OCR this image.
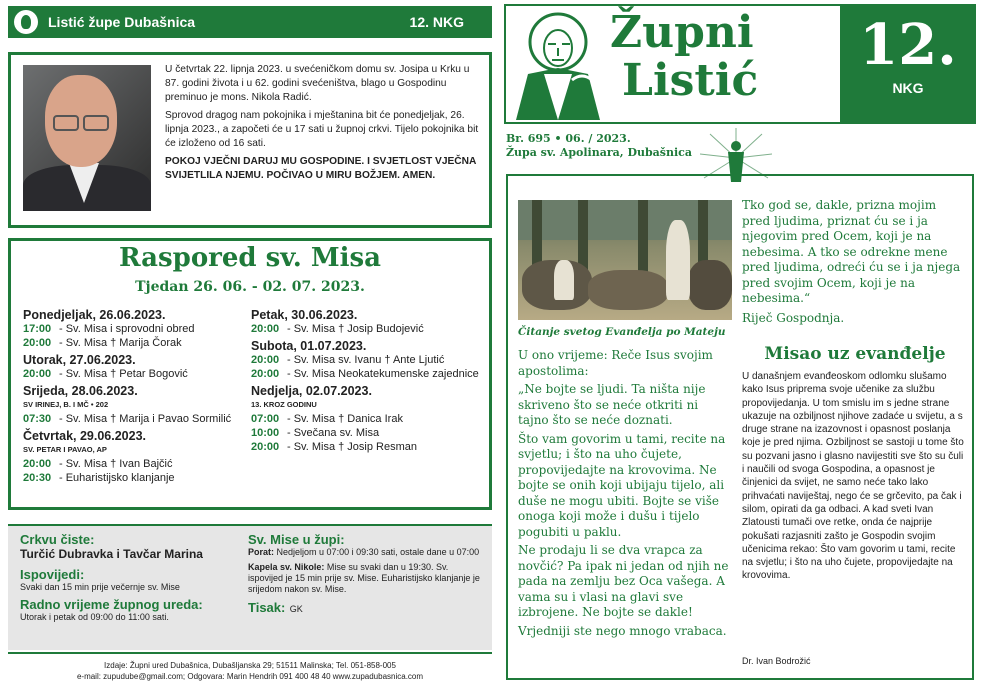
Listić župe Dubašnica	12. NKG

U četvrtak 22. lipnja 2023. u svećeničkom domu sv. Josipa u Krku u 87. godini života i u 62. godini svećeništva, blago u Gospodinu preminuo je mons. Nikola Radić.

Sprovod dragog nam pokojnika i mještanina bit će ponedjeljak, 26. lipnja 2023., a započeti će u 17 sati u župnoj crkvi. Tijelo pokojnika bit će izloženo od 16 sati.

POKOJ VJEČNI DARUJ MU GOSPODINE. I SVJETLOST VJEČNA SVIJETLILA NJEMU. POČIVAO U MIRU BOŽJEM. AMEN.

Raspored sv. Misa
Tjedan 26. 06. - 02. 07. 2023.
Ponedjeljak, 26.06.2023.
17:00 - Sv. Misa i sprovodni obred
20:00 - Sv. Misa † Marija Čorak
Utorak, 27.06.2023.
20:00 - Sv. Misa † Petar Bogović
Srijeda, 28.06.2023.
SV IRINEJ, B. I MČ • 202
07:30 - Sv. Misa † Marija i Pavao Sormilić
Četvrtak, 29.06.2023.
SV. PETAR I PAVAO, AP
20:00 - Sv. Misa † Ivan Bajčić
20:30 - Euharistijsko klanjanje
Petak, 30.06.2023.
20:00 - Sv. Misa † Josip Budojević
Subota, 01.07.2023.
20:00 - Sv. Misa sv. Ivanu † Ante Ljutić
20:00 - Sv. Misa Neokatekumenske zajednice
Nedjelja, 02.07.2023.
13. KROZ GODINU
07:00 - Sv. Misa † Danica Irak
10:00 - Svečana sv. Misa
20:00 - Sv. Misa † Josip Resman
Crkvu čiste:
Turčić Dubravka i Tavčar Marina
Ispovijedi:
Svaki dan 15 min prije večernje sv. Mise
Radno vrijeme župnog ureda:
Utorak i petak od 09:00 do 11:00 sati.
Sv. Mise u župi:
Porat: Nedjeljom u 07:00 i 09:30 sati, ostale dane u 07:00
Kapela sv. Nikole: Mise su svaki dan u 19:30. Sv. ispovijed je 15 min prije sv. Mise. Euharistijsko klanjanje je srijedom nakon sv. Mise.
Tisak: GK
Izdaje: Župni ured Dubašnica, Dubašljanska 29; 51511 Malinska; Tel. 051-858-005
e-mail: zupudube@gmail.com; Odgovara: Marin Hendrih 091 400 48 40 www.zupadubasnica.com
Župni
Listić
12.
NKG
Br. 695 • 06. / 2023.
Župa sv. Apolinara, Dubašnica
Čitanje svetog Evanđelja po Mateju

U ono vrijeme: Reče Isus svojim apostolima:

„Ne bojte se ljudi. Ta ništa nije skriveno što se neće otkriti ni tajno što se neće doznati.

Što vam govorim u tami, recite na svjetlu; i što na uho čujete, propovijedajte na krovovima. Ne bojte se onih koji ubijaju tijelo, ali duše ne mogu ubiti. Bojte se više onoga koji može i dušu i tijelo pogubiti u paklu.

Ne prodaju li se dva vrapca za novčić? Pa ipak ni jedan od njih ne pada na zemlju bez Oca vašega. A vama su i vlasi na glavi sve izbrojene. Ne bojte se dakle!

Vrjedniji ste nego mnogo vrabaca.

Tko god se, dakle, prizna mojim pred ljudima, priznat ću se i ja njegovim pred Ocem, koji je na nebesima. A tko se odrekne mene pred ljudima, odreći ću se i ja njega pred svojim Ocem, koji je na nebesima.“

Riječ Gospodnja.

Misao uz evanđelje
U današnjem evanđeoskom odlomku slušamo kako Isus priprema svoje učenike za službu propovijedanja. U tom smislu im s jedne strane ukazuje na ozbiljnost njihove zadaće u svijetu, a s druge strane na izazovnost i opasnost poslanja koje je pred njima. Ozbiljnost se sastoji u tome što su pozvani jasno i glasno navijestiti sve što su čuli i naučili od svoga Gospodina, a opasnost je činjenici da svijet, ne samo neće tako lako prihvaćati naviještaj, nego će se grčevito, pa čak i silom, opirati da ga odbaci. A kad sveti Ivan Zlatousti tumači ove retke, onda će najprije pokušati razjasniti zašto je Gospodin svojim učenicima rekao: Što vam govorim u tami, recite na svjetlu; i što na uho čujete, propovijedajte na krovovima.
Dr. Ivan Bodrožić
